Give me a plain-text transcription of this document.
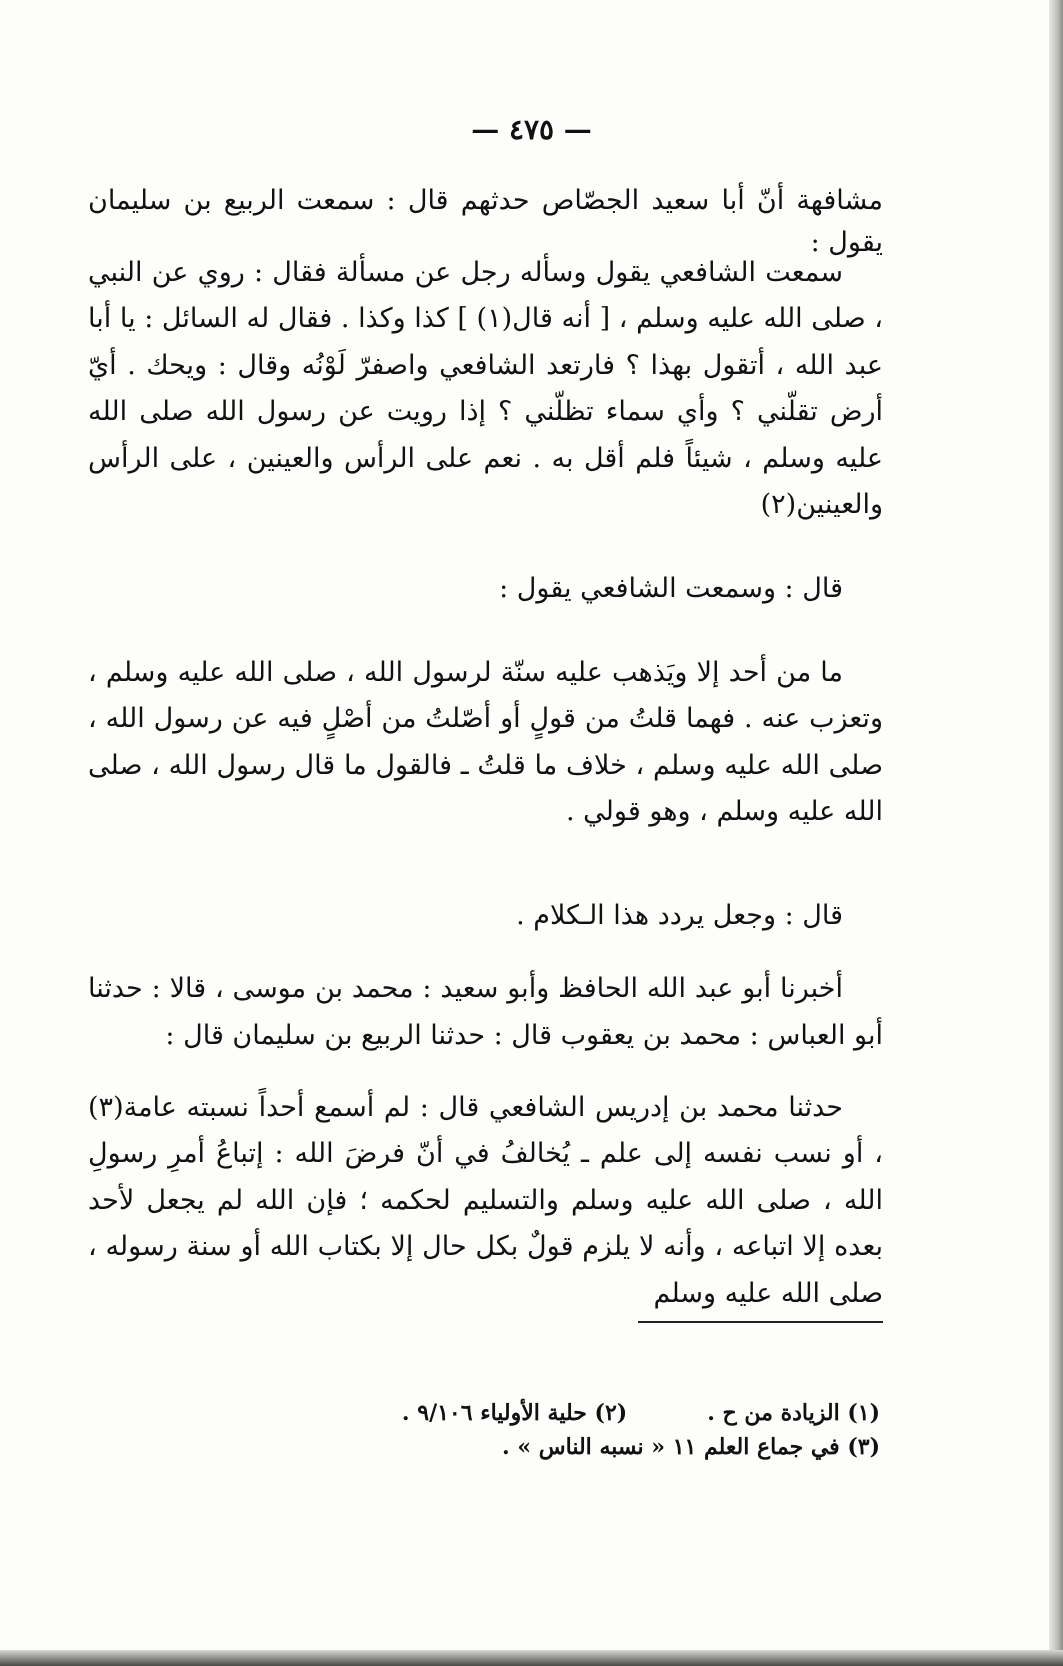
— ٤٧٥ —

مشافهة أنّ أبا سعيد الجصّاص حدثهم قال : سمعت الربيع بن سليمان يقول :

سمعت الشافعي يقول وسأله رجل عن مسألة فقال : روي عن النبي ، صلى الله عليه وسلم ، [ أنه قال(١) ] كذا وكذا . فقال له السائل : يا أبا عبد الله ، أتقول بهذا ؟ فارتعد الشافعي واصفرّ لَوْنُه وقال : ويحك . أيّ أرض تقلّني ؟ وأي سماء تظلّني ؟ إذا رويت عن رسول الله صلى الله عليه وسلم ، شيئاً فلم أقل به . نعم على الرأس والعينين ، على الرأس والعينين(٢)

قال : وسمعت الشافعي يقول :

ما من أحد إلا ويَذهب عليه سنّة لرسول الله ، صلى الله عليه وسلم ، وتعزب عنه . فهما قلتُ من قولٍ أو أصّلتُ من أصْلٍ فيه عن رسول الله ، صلى الله عليه وسلم ، خلاف ما قلتُ ـ فالقول ما قال رسول الله ، صلى الله عليه وسلم ، وهو قولي .

قال : وجعل يردد هذا الـكلام .

أخبرنا أبو عبد الله الحافظ وأبو سعيد : محمد بن موسى ، قالا : حدثنا أبو العباس : محمد بن يعقوب قال : حدثنا الربيع بن سليمان قال :

حدثنا محمد بن إدريس الشافعي قال : لم أسمع أحداً نسبته عامة(٣) ، أو نسب نفسه إلى علم ـ يُخالفُ في أنّ فرضَ الله : إتباعُ أمرِ رسولِ الله ، صلى الله عليه وسلم والتسليم لحكمه ؛ فإن الله لم يجعل لأحد بعده إلا اتباعه ، وأنه لا يلزم قولٌ بكل حال إلا بكتاب الله أو سنة رسوله ، صلى الله عليه وسلم

(١) الزيادة من ح .
(٢) حلية الأولياء ٩/١٠٦ .
(٣) في جماع العلم ١١ « نسبه الناس » .
